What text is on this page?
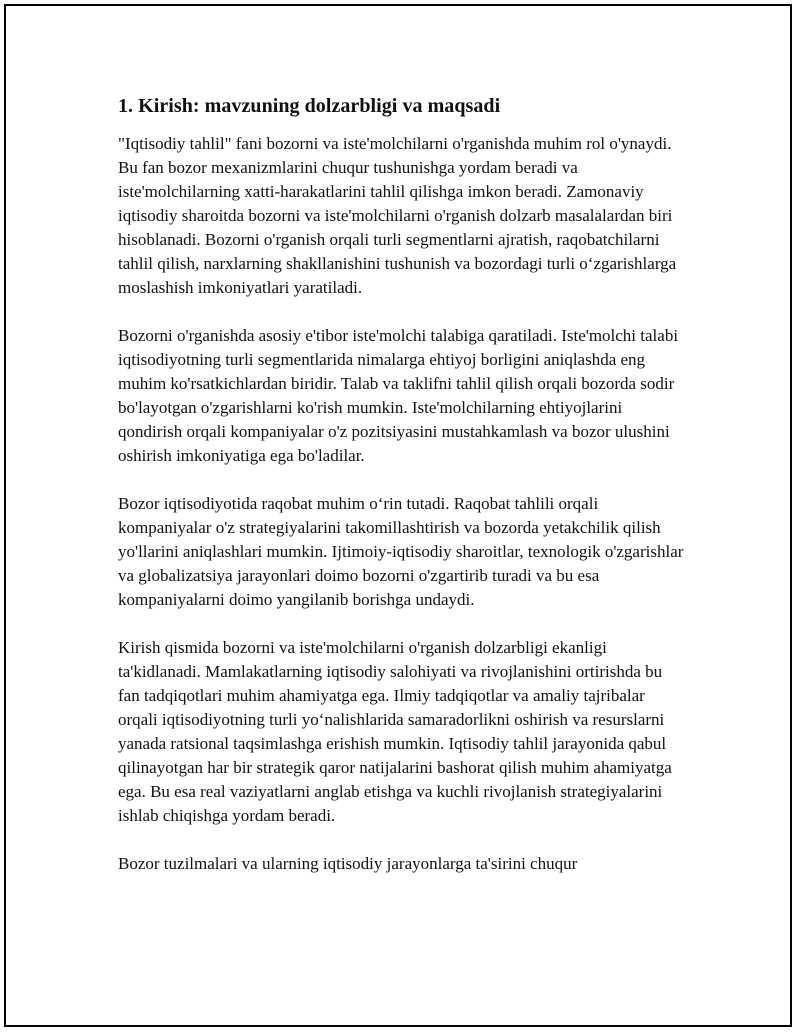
1. Kirish: mavzuning dolzarbligi va maqsadi

"Iqtisodiy tahlil" fani bozorni va iste'molchilarni o'rganishda muhim rol o'ynaydi. Bu fan bozor mexanizmlarini chuqur tushunishga yordam beradi va iste'molchilarning xatti-harakatlarini tahlil qilishga imkon beradi. Zamonaviy iqtisodiy sharoitda bozorni va iste'molchilarni o'rganish dolzarb masalalardan biri hisoblanadi. Bozorni o'rganish orqali turli segmentlarni ajratish, raqobatchilarni tahlil qilish, narxlarning shakllanishini tushunish va bozordagi turli o‘zgarishlarga moslashish imkoniyatlari yaratiladi.

Bozorni o'rganishda asosiy e'tibor iste'molchi talabiga qaratiladi. Iste'molchi talabi iqtisodiyotning turli segmentlarida nimalarga ehtiyoj borligini aniqlashda eng muhim ko'rsatkichlardan biridir. Talab va taklifni tahlil qilish orqali bozorda sodir bo'layotgan o'zgarishlarni ko'rish mumkin. Iste'molchilarning ehtiyojlarini qondirish orqali kompaniyalar o'z pozitsiyasini mustahkamlash va bozor ulushini oshirish imkoniyatiga ega bo'ladilar.

Bozor iqtisodiyotida raqobat muhim o‘rin tutadi. Raqobat tahlili orqali kompaniyalar o'z strategiyalarini takomillashtirish va bozorda yetakchilik qilish yo'llarini aniqlashlari mumkin. Ijtimoiy-iqtisodiy sharoitlar, texnologik o'zgarishlar va globalizatsiya jarayonlari doimo bozorni o'zgartirib turadi va bu esa kompaniyalarni doimo yangilanib borishga undaydi.

Kirish qismida bozorni va iste'molchilarni o'rganish dolzarbligi ekanligi ta'kidlanadi. Mamlakatlarning iqtisodiy salohiyati va rivojlanishini ortirishda bu fan tadqiqotlari muhim ahamiyatga ega. Ilmiy tadqiqotlar va amaliy tajribalar orqali iqtisodiyotning turli yo‘nalishlarida samaradorlikni oshirish va resurslarni yanada ratsional taqsimlashga erishish mumkin. Iqtisodiy tahlil jarayonida qabul qilinayotgan har bir strategik qaror natijalarini bashorat qilish muhim ahamiyatga ega. Bu esa real vaziyatlarni anglab etishga va kuchli rivojlanish strategiyalarini ishlab chiqishga yordam beradi.

Bozor tuzilmalari va ularning iqtisodiy jarayonlarga ta'sirini chuqur
